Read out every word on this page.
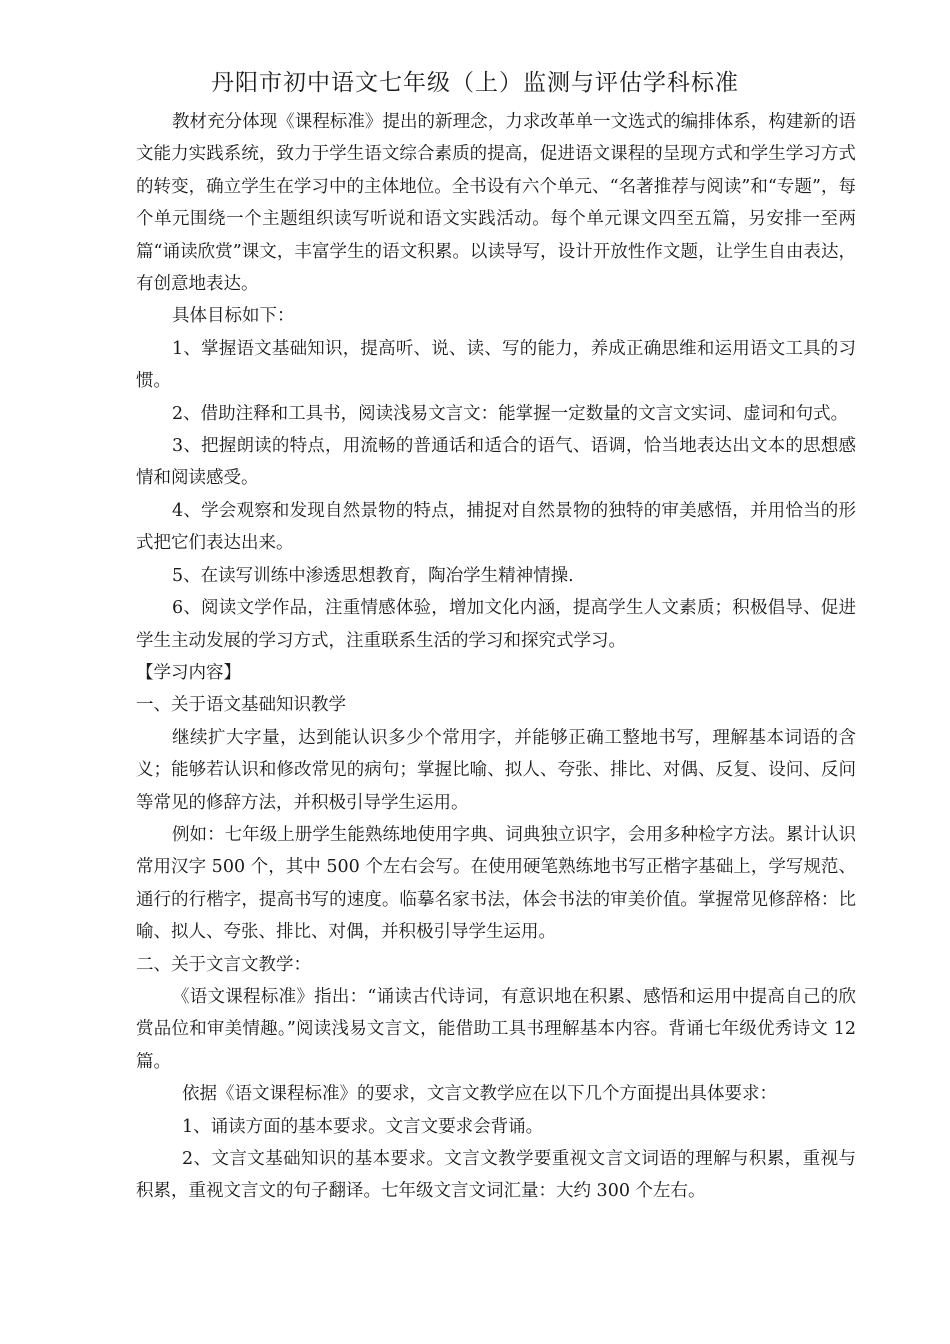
丹阳市初中语文七年级（上）监测与评估学科标准

教材充分体现《课程标准》提出的新理念，力求改革单一文选式的编排体系，构建新的语文能力实践系统，致力于学生语文综合素质的提高，促进语文课程的呈现方式和学生学习方式的转变，确立学生在学习中的主体地位。全书设有六个单元、“名著推荐与阅读”和“专题”，每个单元围绕一个主题组织读写听说和语文实践活动。每个单元课文四至五篇，另安排一至两篇“诵读欣赏”课文，丰富学生的语文积累。以读导写，设计开放性作文题，让学生自由表达，有创意地表达。

具体目标如下：

1、掌握语文基础知识，提高听、说、读、写的能力，养成正确思维和运用语文工具的习惯。

2、借助注释和工具书，阅读浅易文言文：能掌握一定数量的文言文实词、虚词和句式。

3、把握朗读的特点，用流畅的普通话和适合的语气、语调，恰当地表达出文本的思想感情和阅读感受。

4、学会观察和发现自然景物的特点，捕捉对自然景物的独特的审美感悟，并用恰当的形式把它们表达出来。

5、在读写训练中渗透思想教育，陶冶学生精神情操.

6、阅读文学作品，注重情感体验，增加文化内涵，提高学生人文素质；积极倡导、促进学生主动发展的学习方式，注重联系生活的学习和探究式学习。

【学习内容】

一、关于语文基础知识教学

继续扩大字量，达到能认识多少个常用字，并能够正确工整地书写，理解基本词语的含义；能够若认识和修改常见的病句；掌握比喻、拟人、夸张、排比、对偶、反复、设问、反问等常见的修辞方法，并积极引导学生运用。

例如：七年级上册学生能熟练地使用字典、词典独立识字，会用多种检字方法。累计认识常用汉字 500 个，其中 500 个左右会写。在使用硬笔熟练地书写正楷字基础上，学写规范、通行的行楷字，提高书写的速度。临摹名家书法，体会书法的审美价值。掌握常见修辞格：比喻、拟人、夸张、排比、对偶，并积极引导学生运用。

二、关于文言文教学：

《语文课程标准》指出：“诵读古代诗词，有意识地在积累、感悟和运用中提高自己的欣赏品位和审美情趣。”阅读浅易文言文，能借助工具书理解基本内容。背诵七年级优秀诗文 12 篇。

依据《语文课程标准》的要求，文言文教学应在以下几个方面提出具体要求：

1、诵读方面的基本要求。文言文要求会背诵。

2、文言文基础知识的基本要求。文言文教学要重视文言文词语的理解与积累，重视与积累，重视文言文的句子翻译。七年级文言文词汇量：大约 300 个左右。
